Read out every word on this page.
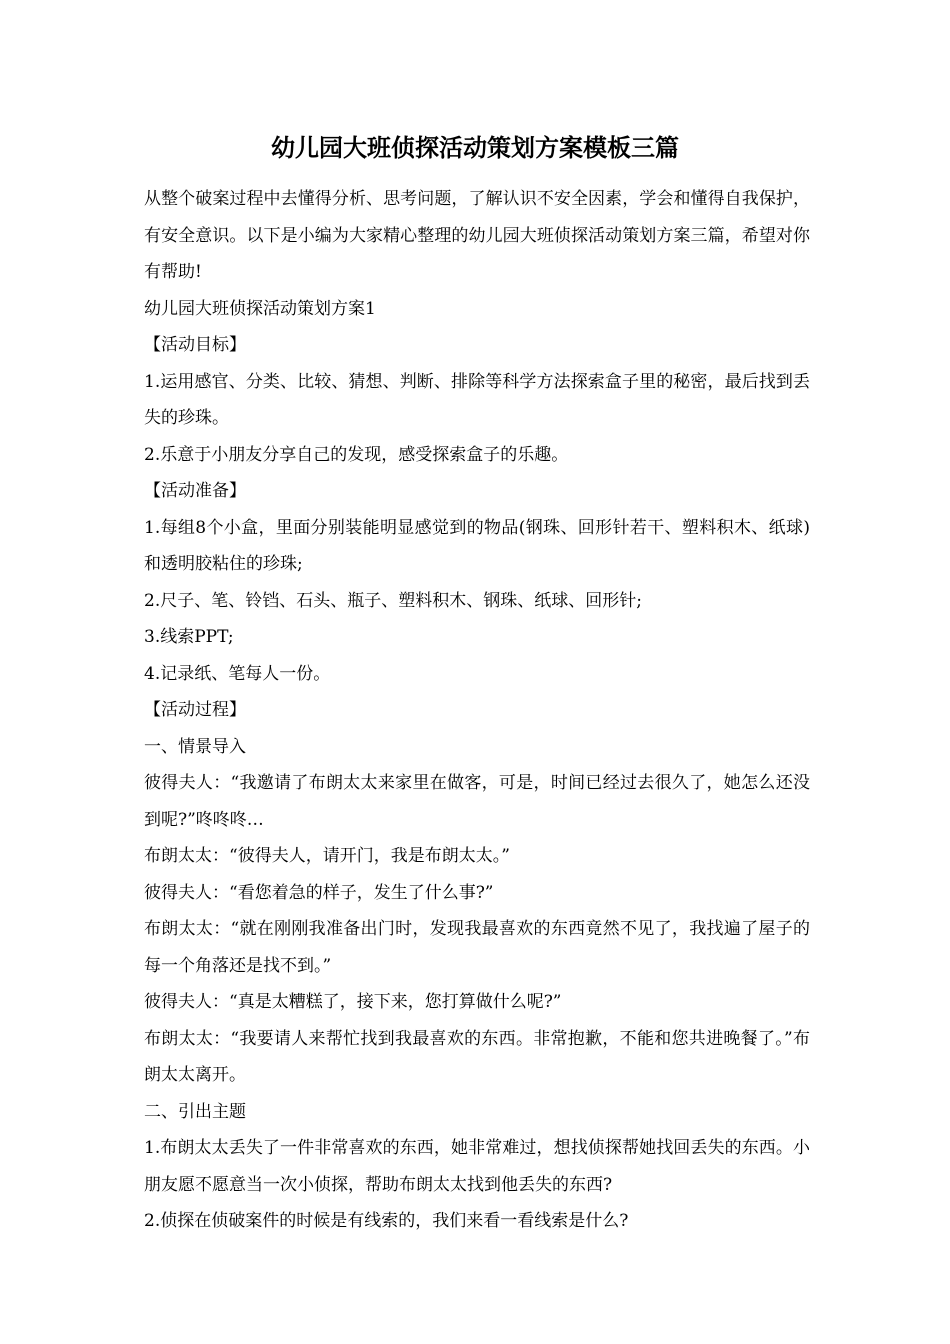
幼儿园大班侦探活动策划方案模板三篇

从整个破案过程中去懂得分析、思考问题，了解认识不安全因素，学会和懂得自我保护，有安全意识。以下是小编为大家精心整理的幼儿园大班侦探活动策划方案三篇，希望对你有帮助!

幼儿园大班侦探活动策划方案1

【活动目标】

1.运用感官、分类、比较、猜想、判断、排除等科学方法探索盒子里的秘密，最后找到丢失的珍珠。

2.乐意于小朋友分享自己的发现，感受探索盒子的乐趣。

【活动准备】

1.每组8个小盒，里面分别装能明显感觉到的物品(钢珠、回形针若干、塑料积木、纸球)和透明胶粘住的珍珠;

2.尺子、笔、铃铛、石头、瓶子、塑料积木、钢珠、纸球、回形针;

3.线索PPT;

4.记录纸、笔每人一份。

【活动过程】

一、情景导入

彼得夫人：“我邀请了布朗太太来家里在做客，可是，时间已经过去很久了，她怎么还没到呢?”咚咚咚…

布朗太太：“彼得夫人，请开门，我是布朗太太。”

彼得夫人：“看您着急的样子，发生了什么事?”

布朗太太：“就在刚刚我准备出门时，发现我最喜欢的东西竟然不见了，我找遍了屋子的每一个角落还是找不到。”

彼得夫人：“真是太糟糕了，接下来，您打算做什么呢?”

布朗太太：“我要请人来帮忙找到我最喜欢的东西。非常抱歉，不能和您共进晚餐了。”布朗太太离开。

二、引出主题

1.布朗太太丢失了一件非常喜欢的东西，她非常难过，想找侦探帮她找回丢失的东西。小朋友愿不愿意当一次小侦探，帮助布朗太太找到他丢失的东西?

2.侦探在侦破案件的时候是有线索的，我们来看一看线索是什么?
